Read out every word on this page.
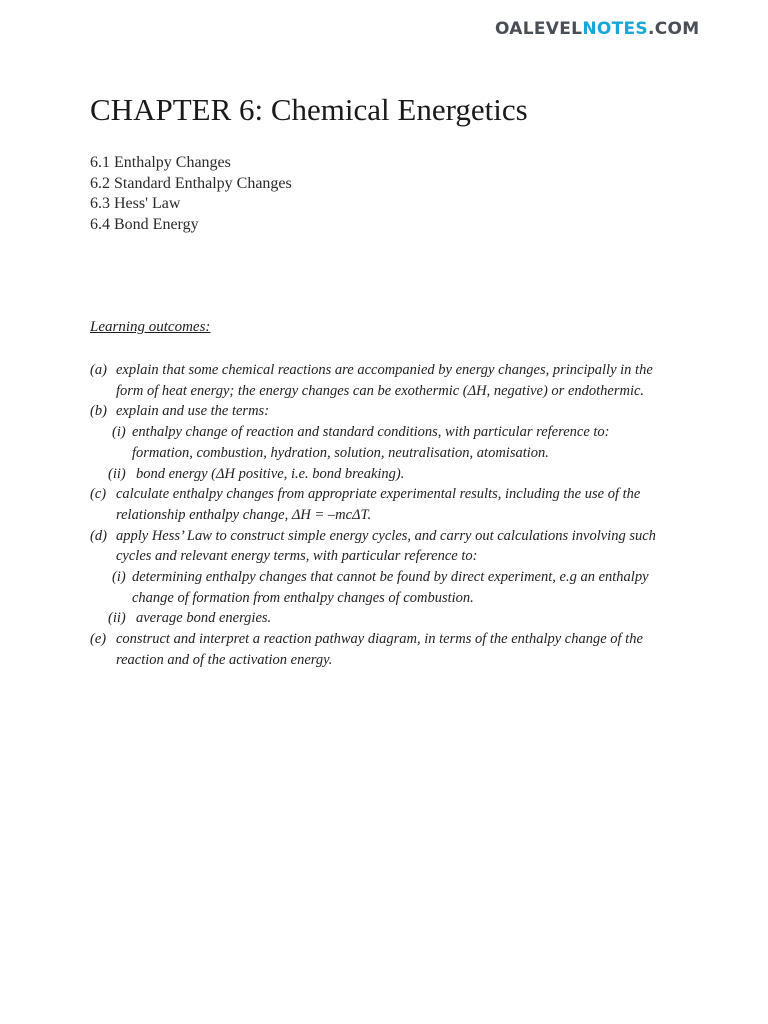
OALEVELNOTES.COM
CHAPTER 6: Chemical Energetics
6.1 Enthalpy Changes
6.2 Standard Enthalpy Changes
6.3 Hess' Law
6.4 Bond Energy
Learning outcomes:
(a) explain that some chemical reactions are accompanied by energy changes, principally in the
form of heat energy; the energy changes can be exothermic (ΔH, negative) or endothermic.
(b) explain and use the terms:
(i) enthalpy change of reaction and standard conditions, with particular reference to:
formation, combustion, hydration, solution, neutralisation, atomisation.
(ii) bond energy (ΔH positive, i.e. bond breaking).
(c) calculate enthalpy changes from appropriate experimental results, including the use of the
relationship enthalpy change, ΔH = –mcΔT.
(d) apply Hess’ Law to construct simple energy cycles, and carry out calculations involving such
cycles and relevant energy terms, with particular reference to:
(i) determining enthalpy changes that cannot be found by direct experiment, e.g an enthalpy
change of formation from enthalpy changes of combustion.
(ii) average bond energies.
(e) construct and interpret a reaction pathway diagram, in terms of the enthalpy change of the
reaction and of the activation energy.
